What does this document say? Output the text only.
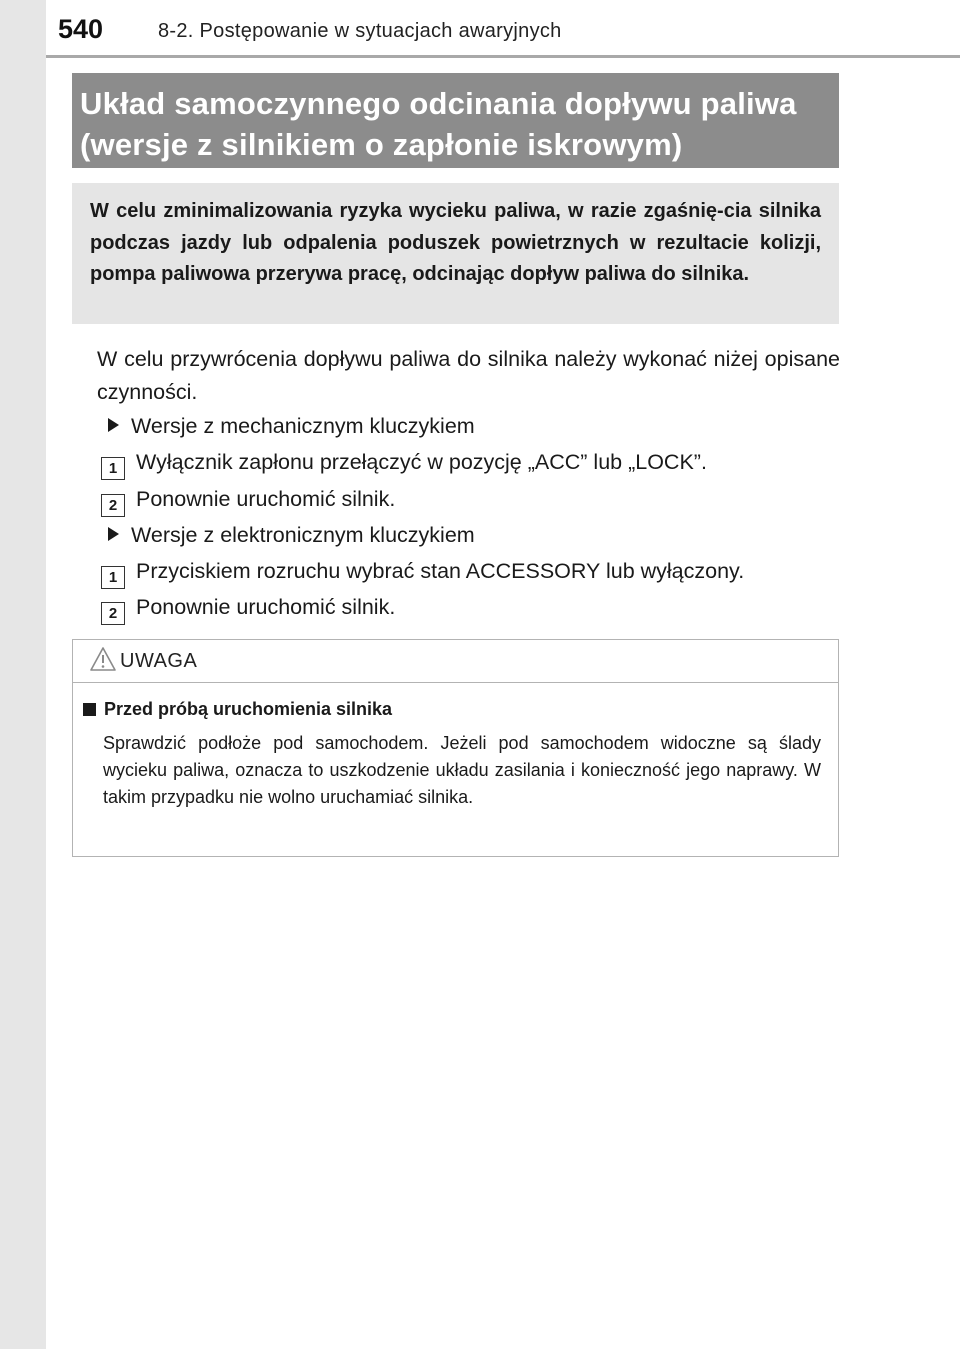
540	8-2. Postępowanie w sytuacjach awaryjnych
Układ samoczynnego odcinania dopływu paliwa
(wersje z silnikiem o zapłonie iskrowym)
W celu zminimalizowania ryzyka wycieku paliwa, w razie zgaśnię-cia silnika podczas jazdy lub odpalenia poduszek powietrznych w rezultacie kolizji, pompa paliwowa przerywa pracę, odcinając dopływ paliwa do silnika.
W celu przywrócenia dopływu paliwa do silnika należy wykonać niżej opisane czynności.
Wersje z mechanicznym kluczykiem
1 Wyłącznik zapłonu przełączyć w pozycję „ACC” lub „LOCK”.
2 Ponownie uruchomić silnik.
Wersje z elektronicznym kluczykiem
1 Przyciskiem rozruchu wybrać stan ACCESSORY lub wyłączony.
2 Ponownie uruchomić silnik.
UWAGA
Przed próbą uruchomienia silnika
Sprawdzić podłoże pod samochodem. Jeżeli pod samochodem widoczne są ślady wycieku paliwa, oznacza to uszkodzenie układu zasilania i konieczność jego naprawy. W takim przypadku nie wolno uruchamiać silnika.
